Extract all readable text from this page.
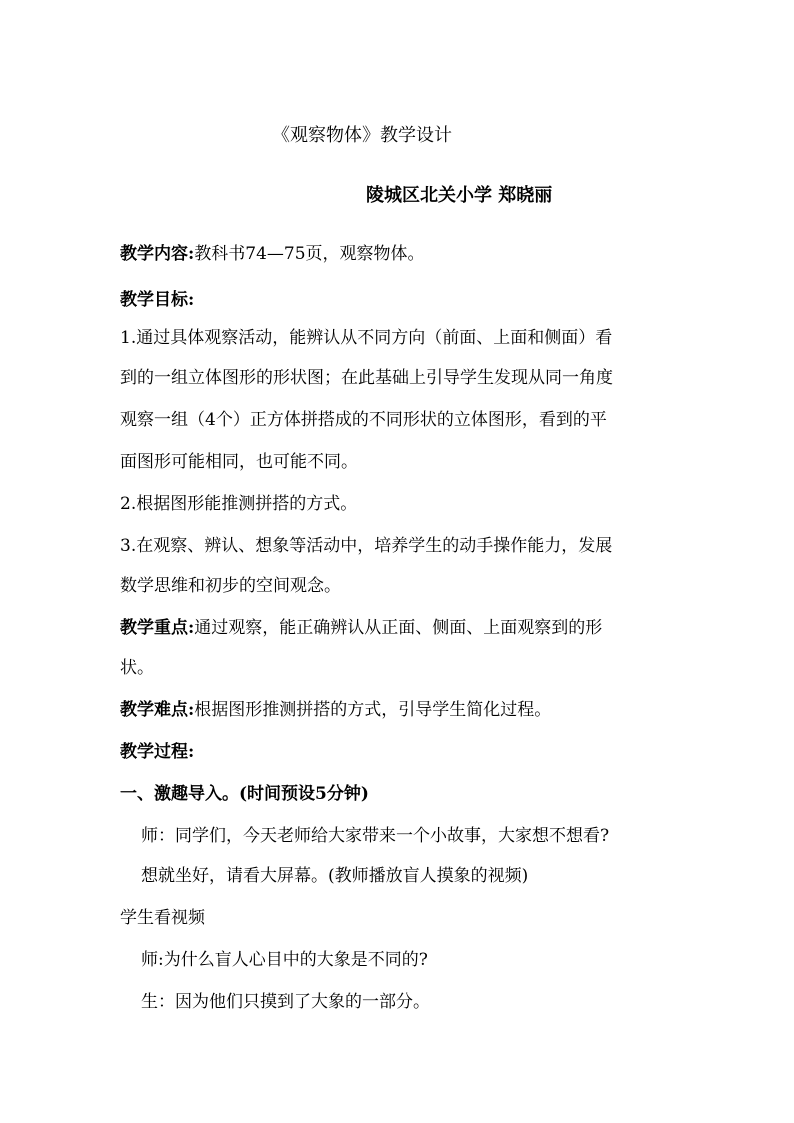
《观察物体》教学设计
陵城区北关小学 郑晓丽
教学内容:教科书74—75页，观察物体。
教学目标:
1.通过具体观察活动，能辨认从不同方向（前面、上面和侧面）看
到的一组立体图形的形状图；在此基础上引导学生发现从同一角度
观察一组（4个）正方体拼搭成的不同形状的立体图形，看到的平
面图形可能相同，也可能不同。
2.根据图形能推测拼搭的方式。
3.在观察、辨认、想象等活动中，培养学生的动手操作能力，发展
数学思维和初步的空间观念。
教学重点:通过观察，能正确辨认从正面、侧面、上面观察到的形
状。
教学难点:根据图形推测拼搭的方式，引导学生简化过程。
教学过程:
一、激趣导入。(时间预设5分钟)
师：同学们，今天老师给大家带来一个小故事，大家想不想看?
想就坐好，请看大屏幕。(教师播放盲人摸象的视频)
学生看视频
师:为什么盲人心目中的大象是不同的?
生：因为他们只摸到了大象的一部分。
